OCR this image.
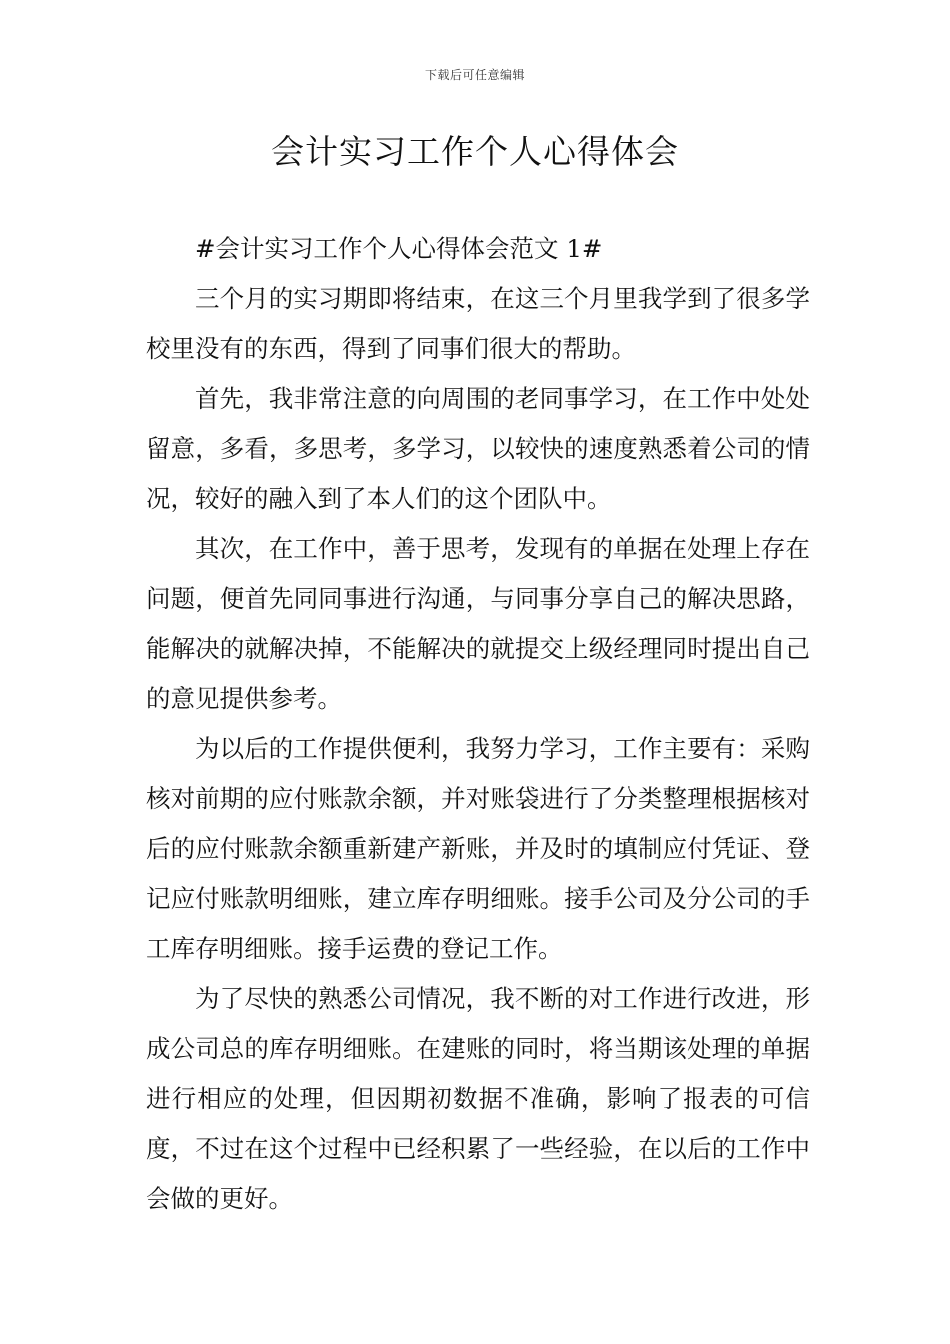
下载后可任意编辑
会计实习工作个人心得体会

#会计实习工作个人心得体会范文 1#

三个月的实习期即将结束，在这三个月里我学到了很多学校里没有的东西，得到了同事们很大的帮助。

首先，我非常注意的向周围的老同事学习，在工作中处处留意，多看，多思考，多学习，以较快的速度熟悉着公司的情况，较好的融入到了本人们的这个团队中。

其次，在工作中，善于思考，发现有的单据在处理上存在问题，便首先同同事进行沟通，与同事分享自己的解决思路，能解决的就解决掉，不能解决的就提交上级经理同时提出自己的意见提供参考。

为以后的工作提供便利，我努力学习，工作主要有：采购核对前期的应付账款余额，并对账袋进行了分类整理根据核对后的应付账款余额重新建产新账，并及时的填制应付凭证、登记应付账款明细账，建立库存明细账。接手公司及分公司的手工库存明细账。接手运费的登记工作。

为了尽快的熟悉公司情况，我不断的对工作进行改进，形成公司总的库存明细账。在建账的同时，将当期该处理的单据进行相应的处理，但因期初数据不准确，影响了报表的可信度，不过在这个过程中已经积累了一些经验，在以后的工作中会做的更好。
